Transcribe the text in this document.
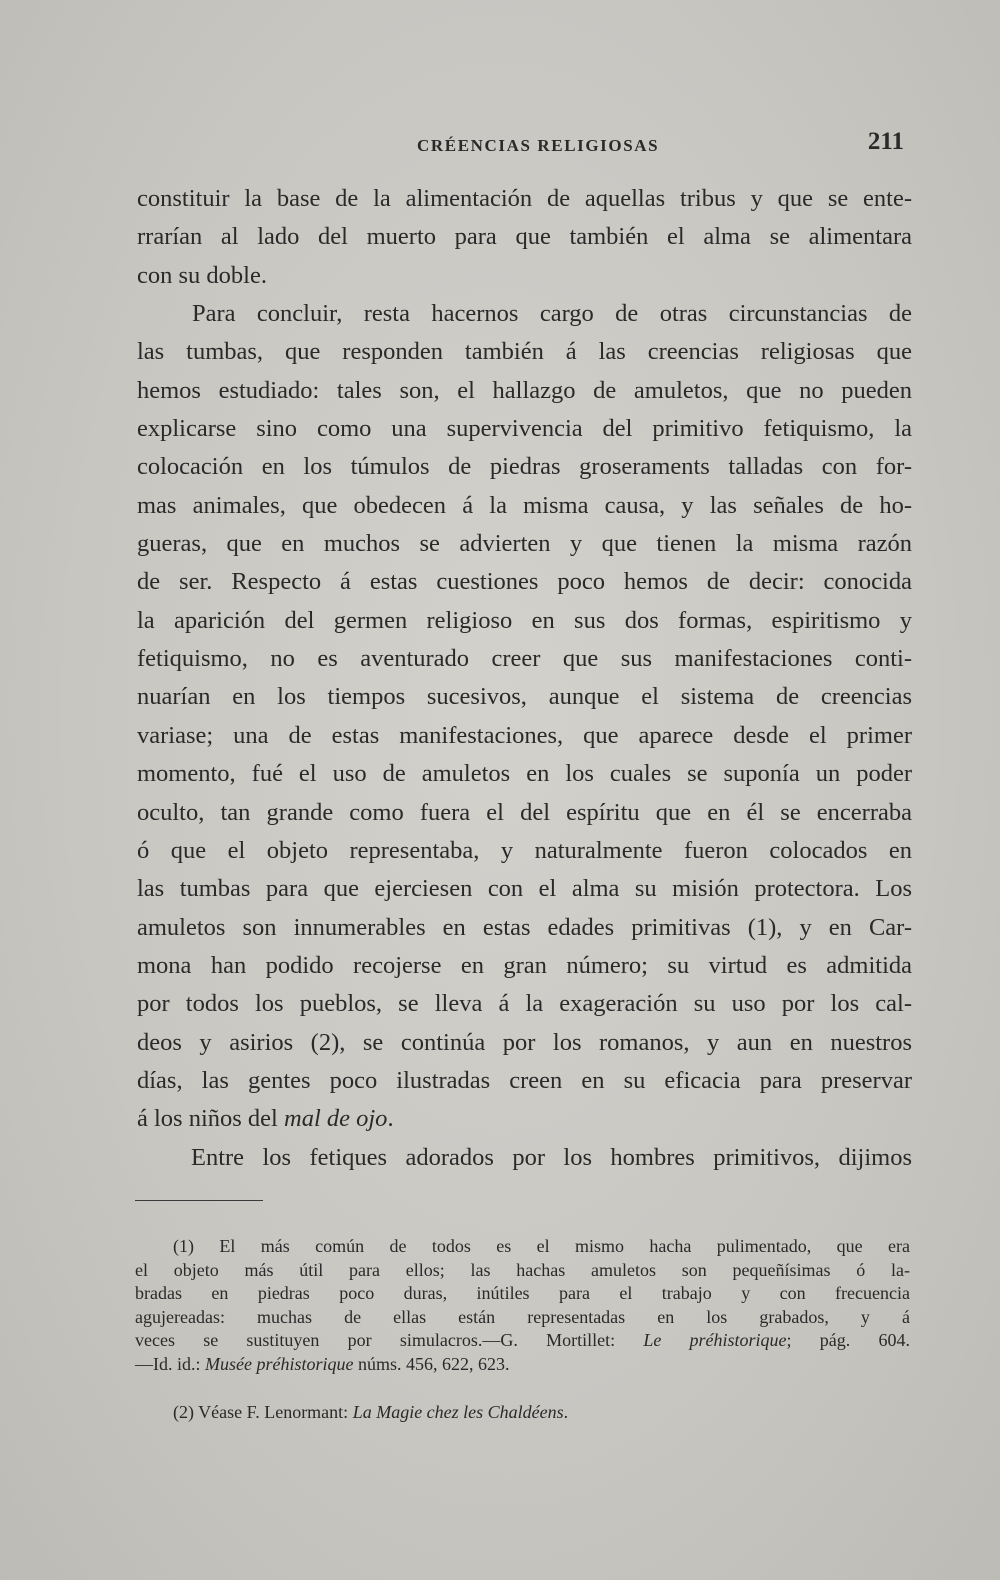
CRÉENCIAS RELIGIOSAS	211
constituir la base de la alimentación de aquellas tribus y que se ente-
rrarían al lado del muerto para que también el alma se alimentara
con su doble.
Para concluir, resta hacernos cargo de otras circunstancias de
las tumbas, que responden también á las creencias religiosas que
hemos estudiado: tales son, el hallazgo de amuletos, que no pueden
explicarse sino como una supervivencia del primitivo fetiquismo, la
colocación en los túmulos de piedras groseraments talladas con for-
mas animales, que obedecen á la misma causa, y las señales de ho-
gueras, que en muchos se advierten y que tienen la misma razón
de ser. Respecto á estas cuestiones poco hemos de decir: conocida
la aparición del germen religioso en sus dos formas, espiritismo y
fetiquismo, no es aventurado creer que sus manifestaciones conti-
nuarían en los tiempos sucesivos, aunque el sistema de creencias
variase; una de estas manifestaciones, que aparece desde el primer
momento, fué el uso de amuletos en los cuales se suponía un poder
oculto, tan grande como fuera el del espíritu que en él se encerraba
ó que el objeto representaba, y naturalmente fueron colocados en
las tumbas para que ejerciesen con el alma su misión protectora. Los
amuletos son innumerables en estas edades primitivas (1), y en Car-
mona han podido recojerse en gran número; su virtud es admitida
por todos los pueblos, se lleva á la exageración su uso por los cal-
deos y asirios (2), se continúa por los romanos, y aun en nuestros
días, las gentes poco ilustradas creen en su eficacia para preservar
á los niños del mal de ojo.
Entre los fetiques adorados por los hombres primitivos, dijimos
(1) El más común de todos es el mismo hacha pulimentado, que era
el objeto más útil para ellos; las hachas amuletos son pequeñísimas ó la-
bradas en piedras poco duras, inútiles para el trabajo y con frecuencia
agujereadas: muchas de ellas están representadas en los grabados, y á
veces se sustituyen por simulacros.—G. Mortillet: Le préhistorique; pág. 604.
—Id. id.: Musée préhistorique núms. 456, 622, 623.
(2) Véase F. Lenormant: La Magie chez les Chaldéens.
